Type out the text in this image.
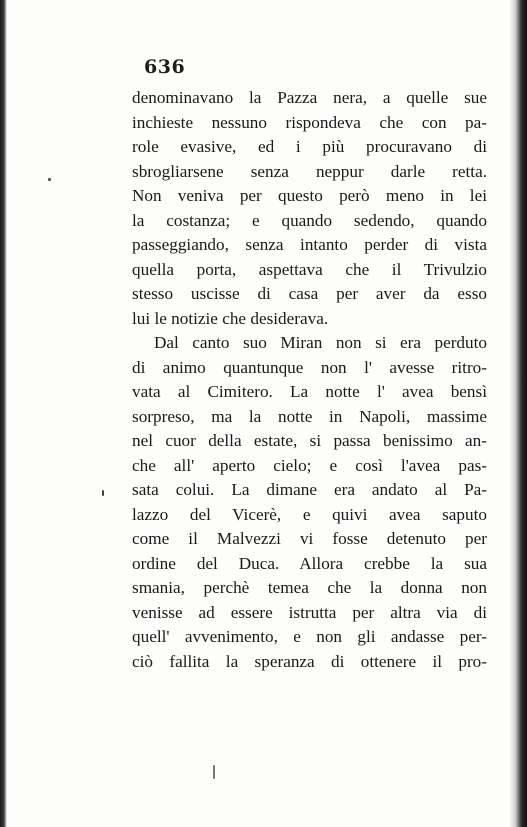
636
denominavano la Pazza nera, a quelle sue
inchieste nessuno rispondeva che con pa-
role evasive, ed i più procuravano di
sbrogliarsene senza neppur darle retta.
Non veniva per questo però meno in lei
la costanza; e quando sedendo, quando
passeggiando, senza intanto perder di vista
quella porta, aspettava che il Trivulzio
stesso uscisse di casa per aver da esso
lui le notizie che desiderava.
Dal canto suo Miran non si era perduto
di animo quantunque non l' avesse ritro-
vata al Cimitero. La notte l' avea bensì
sorpreso, ma la notte in Napoli, massime
nel cuor della estate, si passa benissimo an-
che all' aperto cielo; e così l'avea pas-
sata colui. La dimane era andato al Pa-
lazzo del Vicerè, e quivi avea saputo
come il Malvezzi vi fosse detenuto per
ordine del Duca. Allora crebbe la sua
smania, perchè temea che la donna non
venisse ad essere istrutta per altra via di
quell' avvenimento, e non gli andasse per-
ciò fallita la speranza di ottenere il pro-
